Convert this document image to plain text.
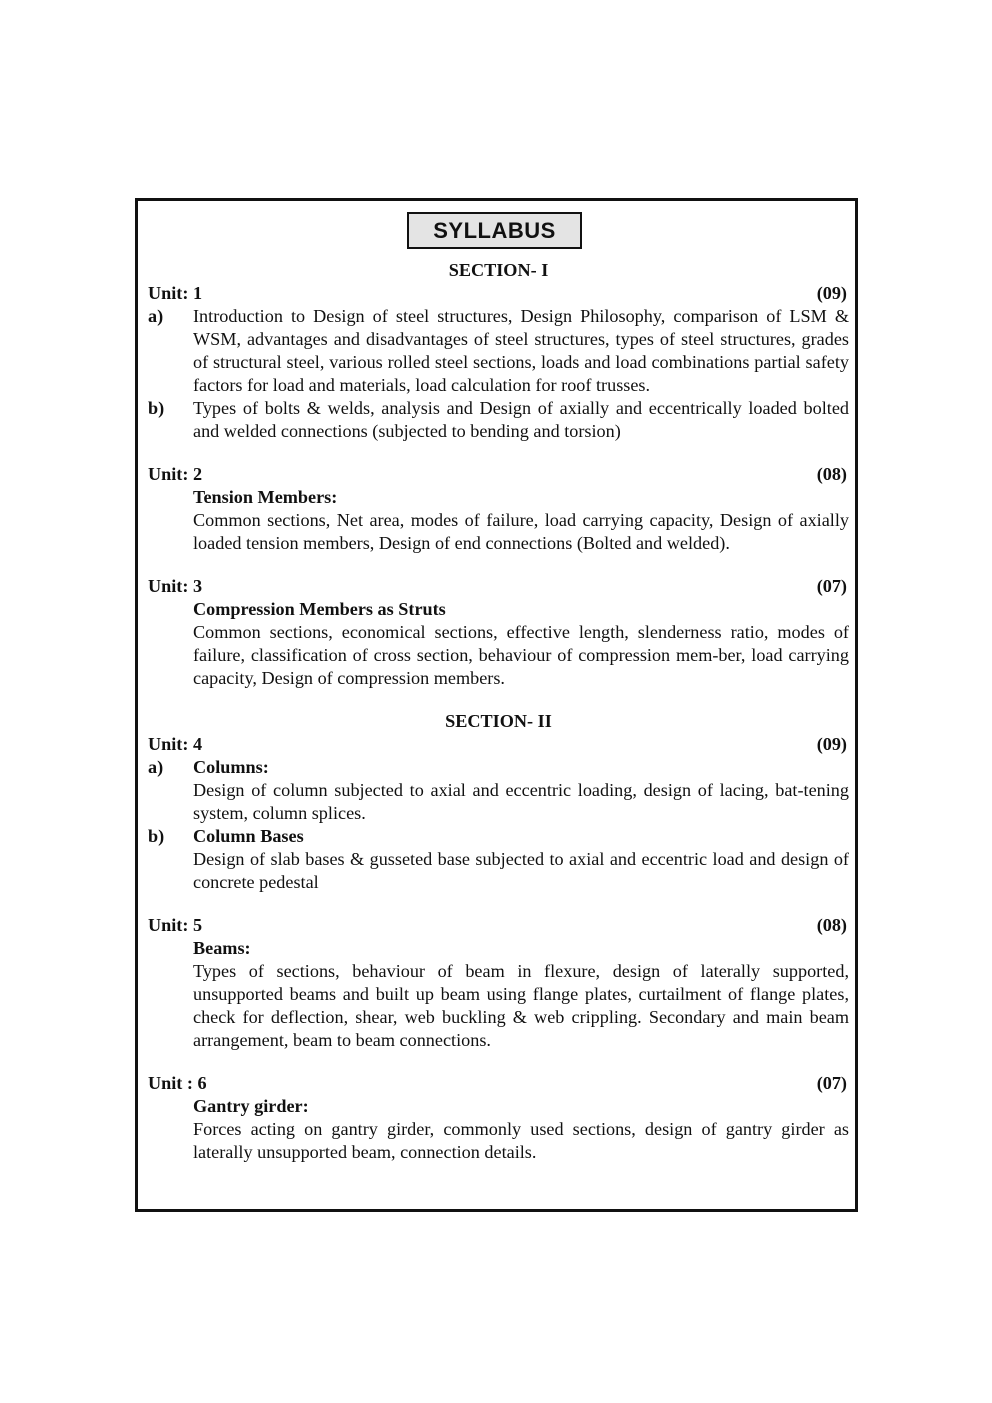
SYLLABUS
SECTION- I
Unit: 1	(09)
a)	Introduction to Design of steel structures, Design Philosophy, comparison of LSM & WSM, advantages and disadvantages of steel structures, types of steel structures, grades of structural steel, various rolled steel sections, loads and load combinations partial safety factors for load and materials, load calculation for roof trusses.
b)	Types of bolts & welds, analysis and Design of axially and eccentrically loaded bolted and welded connections (subjected to bending and torsion)
Unit: 2	(08)
Tension Members:
Common sections, Net area, modes of failure, load carrying capacity, Design of axially loaded tension members, Design of end connections (Bolted and welded).
Unit: 3	(07)
Compression Members as Struts
Common sections, economical sections, effective length, slenderness ratio, modes of failure, classification of cross section, behaviour of compression mem-ber, load carrying capacity, Design of compression members.
SECTION- II
Unit: 4	(09)
a)	Columns:
Design of column subjected to axial and eccentric loading, design of lacing, bat-tening system, column splices.
b)	Column Bases
Design of slab bases & gusseted base subjected to axial and eccentric load and design of concrete pedestal
Unit: 5	(08)
Beams:
Types of sections, behaviour of beam in flexure, design of laterally supported, unsupported beams and built up beam using flange plates, curtailment of flange plates, check for deflection, shear, web buckling & web crippling. Secondary and main beam arrangement, beam to beam connections.
Unit : 6	(07)
Gantry girder:
Forces acting on gantry girder, commonly used sections, design of gantry girder as laterally unsupported beam, connection details.
